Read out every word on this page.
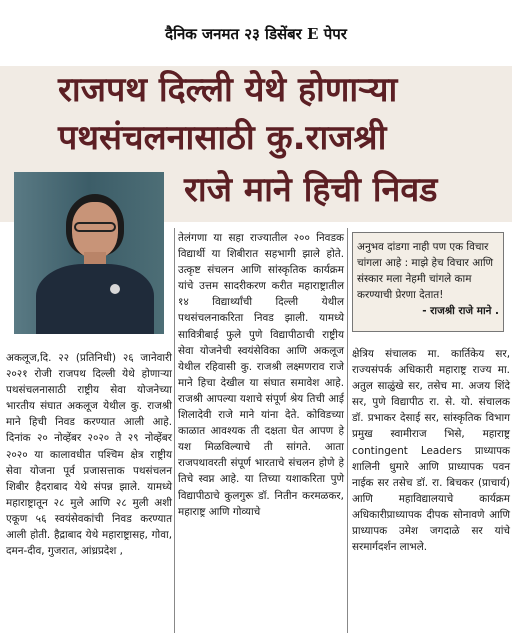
दैनिक जनमत २३ डिसेंबर E पेपर
राजपथ दिल्ली येथे होणाऱ्या
पथसंचलनासाठी कु.राजश्री
राजे माने हिची निवड

अकलूज,दि. २२ (प्रतिनिधी) २६ जानेवारी २०२१ रोजी राजपथ दिल्ली येथे होणाऱ्या पथसंचलनासाठी राष्ट्रीय सेवा योजनेच्या भारतीय संघात अकलूज येथील कु. राजश्री माने हिची निवड करण्यात आली आहे. दिनांक २० नोव्हेंबर २०२० ते २९ नोव्हेंबर २०२० या कालावधीत पश्चिम क्षेत्र राष्ट्रीय सेवा योजना पूर्व प्रजासत्ताक पथसंचलन शिबीर हैदराबाद येथे संपन्न झाले. यामध्ये महाराष्ट्रातून २८ मुले आणि २८ मुली अशी एकूण ५६ स्वयंसेवकांची निवड करण्यात आली होती. हैद्राबाद येथे महाराष्ट्रासह, गोवा, दमन-दीव, गुजरात, आंध्रप्रदेश ,

तेलंगणा या सहा राज्यातील २०० निवडक विद्यार्थी या शिबीरात सहभागी झाले होते. उत्कृष्ट संचलन आणि सांस्कृतिक कार्यक्रम यांचे उत्तम सादरीकरण करीत महाराष्ट्रातील १४ विद्यार्थ्यांची दिल्ली येथील पथसंचलनाकरिता निवड झाली. यामध्ये सावित्रीबाई फुले पुणे विद्यापीठाची राष्ट्रीय सेवा योजनेची स्वयंसेविका आणि अकलूज येथील रहिवासी कु. राजश्री लक्ष्मणराव राजे माने हिचा देखील या संघात समावेश आहे. राजश्री आपल्या यशाचे संपूर्ण श्रेय तिची आई शिलादेवी राजे माने यांना देते. कोविडच्या काळात आवश्यक ती दक्षता घेत आपण हे यश मिळविल्याचे ती सांगते. आता राजपथावरती संपूर्ण भारताचे संचलन होणे हे तिचे स्वप्न आहे. या तिच्या यशाकरिता पुणे विद्यापीठाचे कुलगुरू डॉ. नितीन करमळकर, महाराष्ट्र आणि गोव्याचे

अनुभव दांडगा नाही पण एक विचार चांगला आहे : माझे हेच विचार आणि संस्कार मला नेहमी चांगले काम करण्याची प्रेरणा देतात!
- राजश्री राजे माने .

क्षेत्रिय संचालक मा. कार्तिकेय सर, राज्यसंपर्क अधिकारी महाराष्ट्र राज्य मा. अतुल साळुंखे सर, तसेच मा. अजय शिंदे सर, पुणे विद्यापीठ रा. से. यो. संचालक डॉ. प्रभाकर देसाई सर, सांस्कृतिक विभाग प्रमुख स्वामीराज भिसे, महाराष्ट्र contingent Leaders प्राध्यापक शालिनी धुमारे आणि प्राध्यापक पवन नाईक सर तसेच डॉ. रा. बिचकर (प्राचार्य) आणि महाविद्यालयाचे कार्यक्रम अधिकारीप्राध्यापक दीपक सोनावणे आणि प्राध्यापक उमेश जगदाळे सर यांचे सरमार्गदर्शन लाभले.
